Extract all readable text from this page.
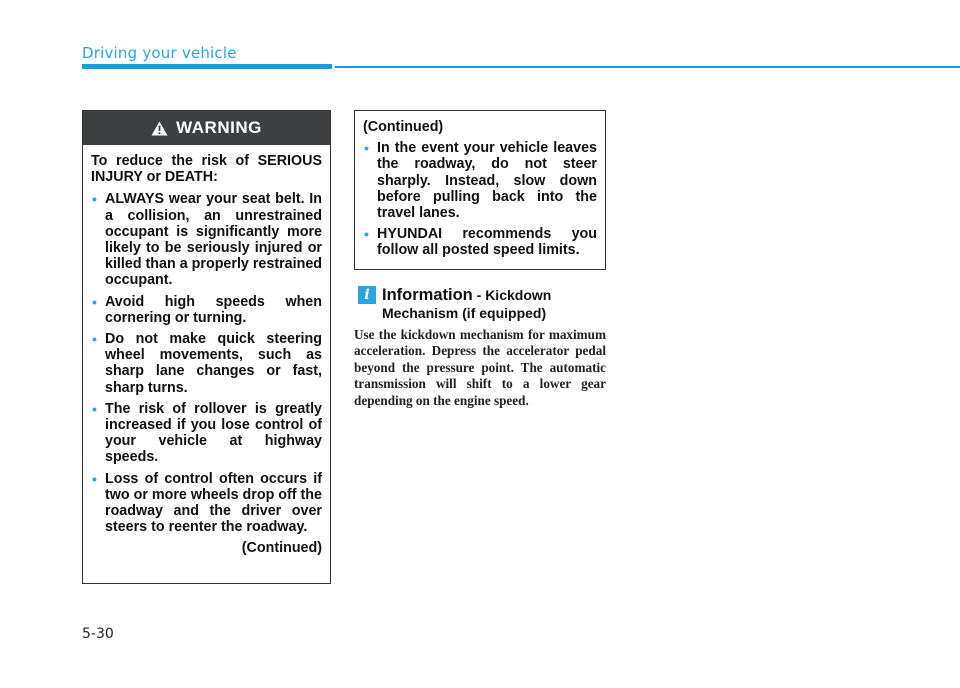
Driving your vehicle
WARNING

To reduce the risk of SERIOUS INJURY or DEATH:

• ALWAYS wear your seat belt. In a collision, an unrestrained occupant is significantly more likely to be seriously injured or killed than a properly restrained occupant.
• Avoid high speeds when cornering or turning.
• Do not make quick steering wheel movements, such as sharp lane changes or fast, sharp turns.
• The risk of rollover is greatly increased if you lose control of your vehicle at highway speeds.
• Loss of control often occurs if two or more wheels drop off the roadway and the driver over steers to reenter the roadway.
(Continued)
(Continued)
• In the event your vehicle leaves the roadway, do not steer sharply. Instead, slow down before pulling back into the travel lanes.
• HYUNDAI recommends you follow all posted speed limits.
i Information - Kickdown
Mechanism (if equipped)
Use the kickdown mechanism for maximum acceleration. Depress the accelerator pedal beyond the pressure point. The automatic transmission will shift to a lower gear depending on the engine speed.
5-30
